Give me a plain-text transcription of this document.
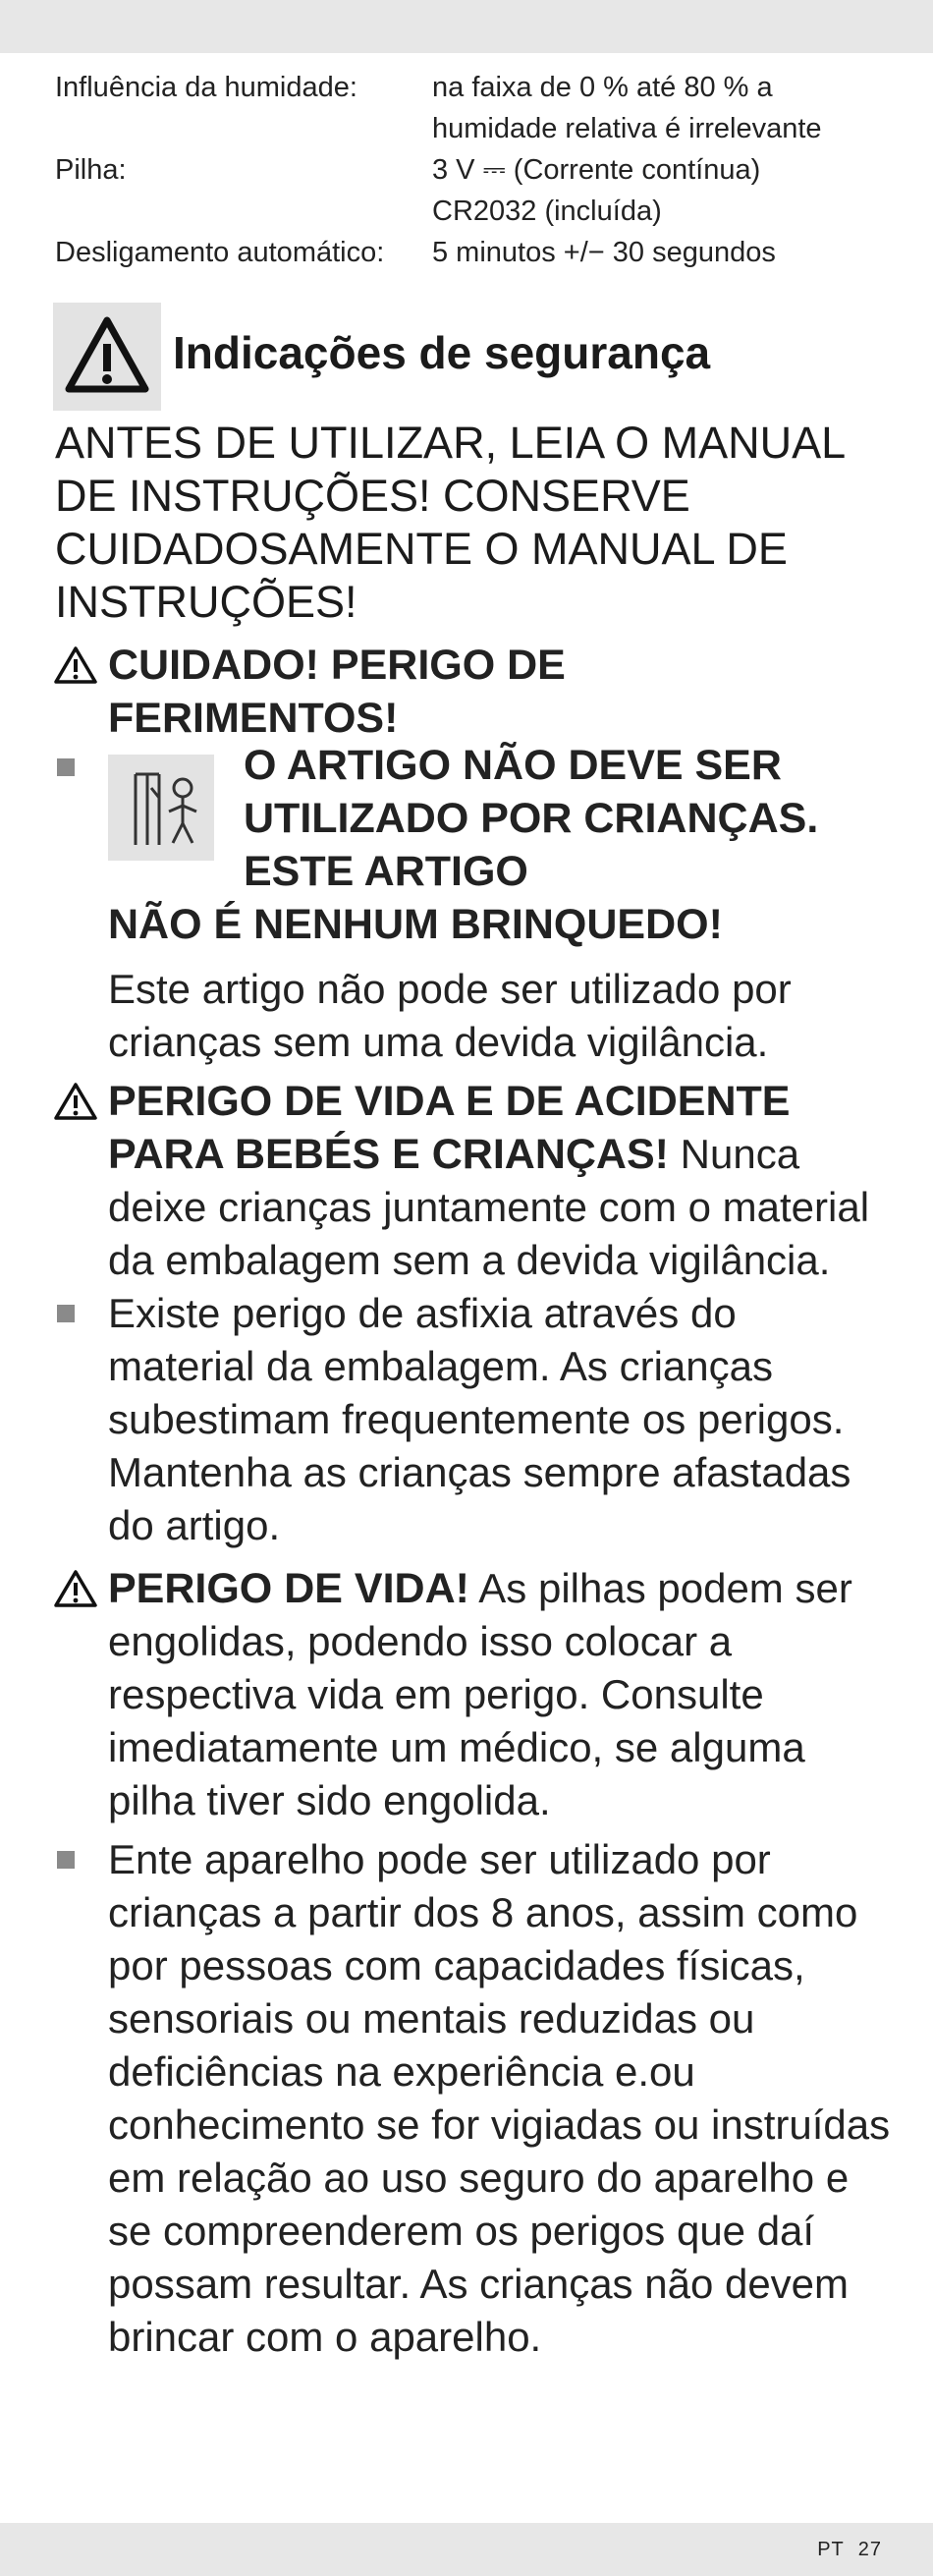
Influência da humidade:	na faixa de 0 % até 80 % a
humidade relativa é irrelevante
Pilha:	3 V ⎓ (Corrente contínua)
CR2032 (incluída)
Desligamento automático: 5 minutos +/− 30 segundos
Indicações de segurança
ANTES DE UTILIZAR, LEIA O MANUAL DE INSTRUÇÕES! CONSERVE CUIDADOSAMENTE O MANUAL DE INSTRUÇÕES!
CUIDADO! PERIGO DE FERIMENTOS!
O ARTIGO NÃO DEVE SER UTILIZADO POR CRIANÇAS. ESTE ARTIGO
NÃO É NENHUM BRINQUEDO!
Este artigo não pode ser utilizado por crianças sem uma devida vigilância.
PERIGO DE VIDA E DE ACIDENTE PARA BEBÉS E CRIANÇAS! Nunca deixe crianças juntamente com o material da embalagem sem a devida vigilância.
Existe perigo de asfixia através do material da embalagem. As crianças subestimam frequentemente os perigos. Mantenha as crianças sempre afastadas do artigo.
PERIGO DE VIDA! As pilhas podem ser engolidas, podendo isso colocar a respectiva vida em perigo. Consulte imediatamente um médico, se alguma pilha tiver sido engolida.
Ente aparelho pode ser utilizado por crianças a partir dos 8 anos, assim como por pessoas com capacidades físicas, sensoriais ou mentais reduzidas ou deficiências na experiência e.ou conhecimento se for vigiadas ou instruídas em relação ao uso seguro do aparelho e se compreenderem os perigos que daí possam resultar. As crianças não devem brincar com o aparelho.
PT 27
